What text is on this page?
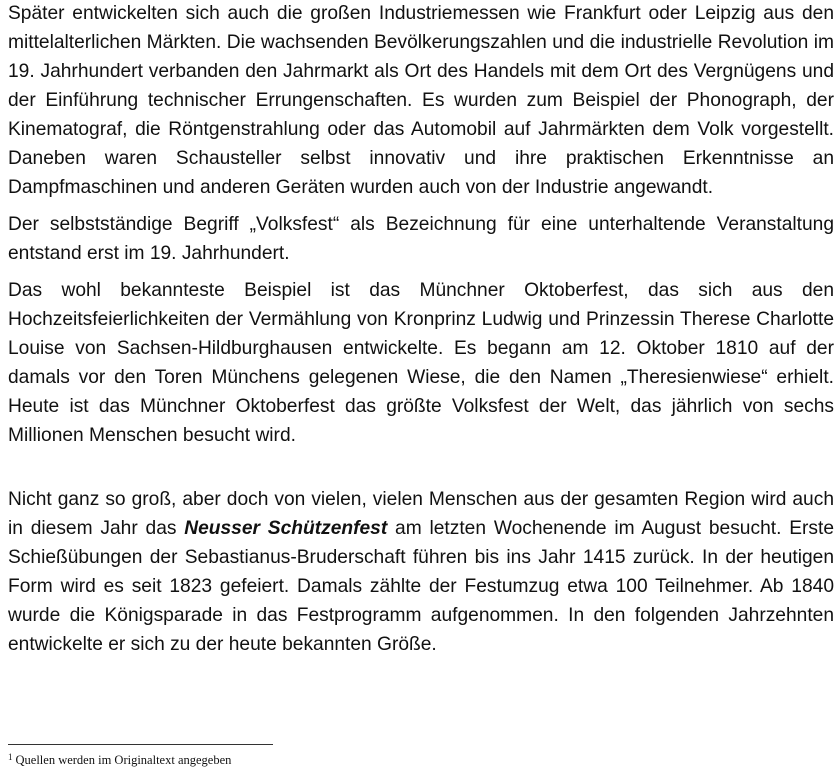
Später entwickelten sich auch die großen Industriemessen wie Frankfurt oder Leipzig aus den mittelalterlichen Märkten. Die wachsenden Bevölkerungszahlen und die industrielle Revolution im 19. Jahrhundert verbanden den Jahrmarkt als Ort des Handels mit dem Ort des Vergnügens und der Einführung technischer Errungenschaften. Es wurden zum Beispiel der Phonograph, der Kinematograf, die Röntgenstrahlung oder das Automobil auf Jahrmärkten dem Volk vorgestellt. Daneben waren Schausteller selbst innovativ und ihre praktischen Erkenntnisse an Dampfmaschinen und anderen Geräten wurden auch von der Industrie angewandt.

Der selbstständige Begriff „Volksfest“ als Bezeichnung für eine unterhaltende Veranstaltung entstand erst im 19. Jahrhundert.

Das wohl bekannteste Beispiel ist das Münchner Oktoberfest, das sich aus den Hochzeitsfeierlichkeiten der Vermählung von Kronprinz Ludwig und Prinzessin Therese Charlotte Louise von Sachsen-Hildburghausen entwickelte. Es begann am 12. Oktober 1810 auf der damals vor den Toren Münchens gelegenen Wiese, die den Namen „Theresienwiese“ erhielt. Heute ist das Münchner Oktoberfest das größte Volksfest der Welt, das jährlich von sechs Millionen Menschen besucht wird.

Nicht ganz so groß, aber doch von vielen, vielen Menschen aus der gesamten Region wird auch in diesem Jahr das Neusser Schützenfest am letzten Wochenende im August besucht. Erste Schießübungen der Sebastianus-Bruderschaft führen bis ins Jahr 1415 zurück. In der heutigen Form wird es seit 1823 gefeiert. Damals zählte der Festumzug etwa 100 Teilnehmer. Ab 1840 wurde die Königsparade in das Festprogramm aufgenommen. In den folgenden Jahrzehnten entwickelte er sich zu der heute bekannten Größe.

$^1$ Quellen werden im Originaltext angegeben
